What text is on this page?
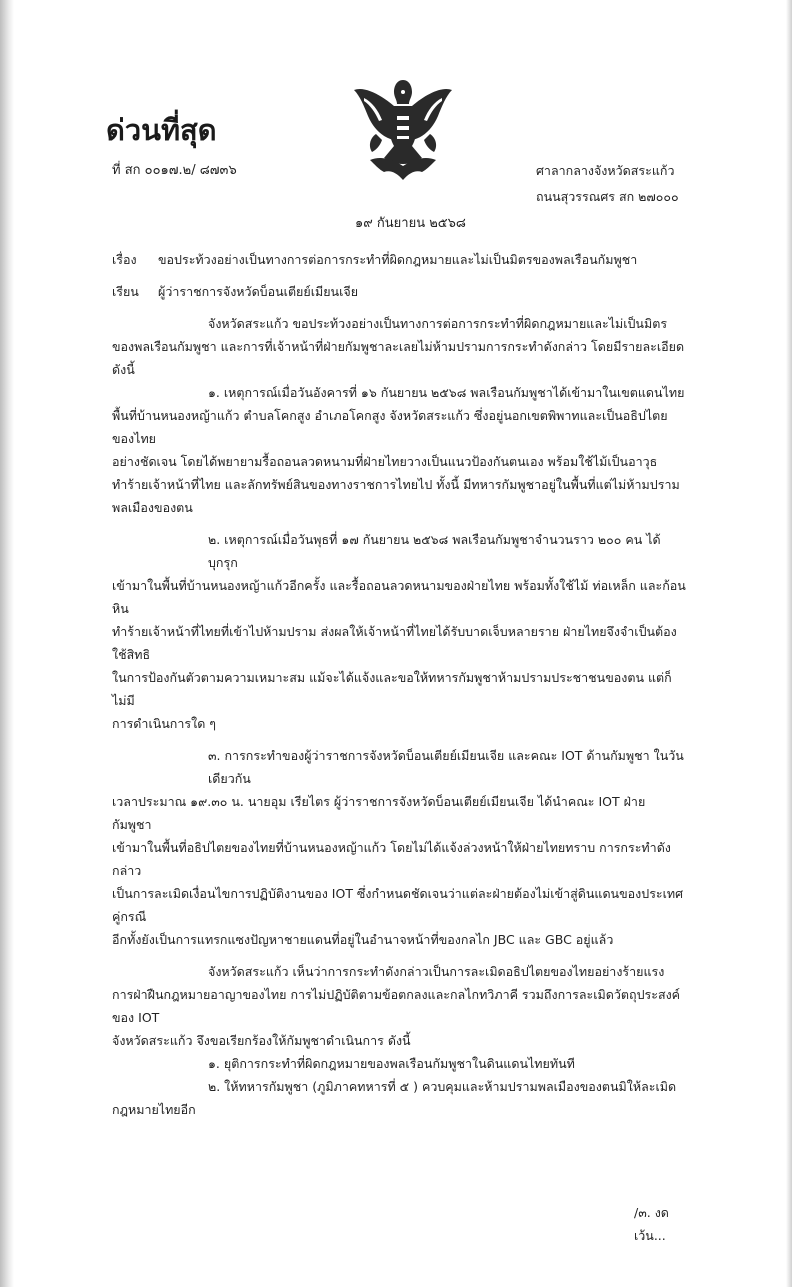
ด่วนที่สุด
ที่ สก ๐๐๑๗.๒/ ๘๗๓๖	ศาลากลางจังหวัดสระแก้ว
ถนนสุวรรณศร สก ๒๗๐๐๐
๑๙ กันยายน ๒๕๖๘
เรื่อง	ขอประท้วงอย่างเป็นทางการต่อการกระทำที่ผิดกฎหมายและไม่เป็นมิตรของพลเรือนกัมพูชา
เรียน	ผู้ว่าราชการจังหวัดบ็อนเตียย์เมียนเจีย
จังหวัดสระแก้ว ขอประท้วงอย่างเป็นทางการต่อการกระทำที่ผิดกฎหมายและไม่เป็นมิตร
ของพลเรือนกัมพูชา และการที่เจ้าหน้าที่ฝ่ายกัมพูชาละเลยไม่ห้ามปรามการกระทำดังกล่าว โดยมีรายละเอียด ดังนี้
๑. เหตุการณ์เมื่อวันอังคารที่ ๑๖ กันยายน ๒๕๖๘ พลเรือนกัมพูชาได้เข้ามาในเขตแดนไทย
พื้นที่บ้านหนองหญ้าแก้ว ตำบลโคกสูง อำเภอโคกสูง จังหวัดสระแก้ว ซึ่งอยู่นอกเขตพิพาทและเป็นอธิปไตยของไทย
อย่างชัดเจน โดยได้พยายามรื้อถอนลวดหนามที่ฝ่ายไทยวางเป็นแนวป้องกันตนเอง พร้อมใช้ไม้เป็นอาวุธ
ทำร้ายเจ้าหน้าที่ไทย และลักทรัพย์สินของทางราชการไทยไป ทั้งนี้ มีทหารกัมพูชาอยู่ในพื้นที่แต่ไม่ห้ามปราม
พลเมืองของตน
๒. เหตุการณ์เมื่อวันพุธที่ ๑๗ กันยายน ๒๕๖๘ พลเรือนกัมพูชาจำนวนราว ๒๐๐ คน ได้บุกรุก
เข้ามาในพื้นที่บ้านหนองหญ้าแก้วอีกครั้ง และรื้อถอนลวดหนามของฝ่ายไทย พร้อมทั้งใช้ไม้ ท่อเหล็ก และก้อนหิน
ทำร้ายเจ้าหน้าที่ไทยที่เข้าไปห้ามปราม ส่งผลให้เจ้าหน้าที่ไทยได้รับบาดเจ็บหลายราย ฝ่ายไทยจึงจำเป็นต้องใช้สิทธิ
ในการป้องกันตัวตามความเหมาะสม แม้จะได้แจ้งและขอให้ทหารกัมพูชาห้ามปรามประชาชนของตน แต่ก็ไม่มี
การดำเนินการใด ๆ
๓. การกระทำของผู้ว่าราชการจังหวัดบ็อนเตียย์เมียนเจีย และคณะ IOT ด้านกัมพูชา ในวันเดียวกัน
เวลาประมาณ ๑๙.๓๐ น. นายอุม เรียไตร ผู้ว่าราชการจังหวัดบ็อนเตียย์เมียนเจีย ได้นำคณะ IOT ฝ่าย กัมพูชา
เข้ามาในพื้นที่อธิปไตยของไทยที่บ้านหนองหญ้าแก้ว โดยไม่ได้แจ้งล่วงหน้าให้ฝ่ายไทยทราบ การกระทำดังกล่าว
เป็นการละเมิดเงื่อนไขการปฏิบัติงานของ IOT ซึ่งกำหนดชัดเจนว่าแต่ละฝ่ายต้องไม่เข้าสู่ดินแดนของประเทศคู่กรณี
อีกทั้งยังเป็นการแทรกแซงปัญหาชายแดนที่อยู่ในอำนาจหน้าที่ของกลไก JBC และ GBC อยู่แล้ว
จังหวัดสระแก้ว เห็นว่าการกระทำดังกล่าวเป็นการละเมิดอธิปไตยของไทยอย่างร้ายแรง
การฝ่าฝืนกฎหมายอาญาของไทย การไม่ปฏิบัติตามข้อตกลงและกลไกทวิภาคี รวมถึงการละเมิดวัตถุประสงค์ของ IOT
จังหวัดสระแก้ว จึงขอเรียกร้องให้กัมพูชาดำเนินการ ดังนี้
๑. ยุติการกระทำที่ผิดกฎหมายของพลเรือนกัมพูชาในดินแดนไทยทันที
๒. ให้ทหารกัมพูชา (ภูมิภาคทหารที่ ๕ ) ควบคุมและห้ามปรามพลเมืองของตนมิให้ละเมิด
กฎหมายไทยอีก
/๓. งดเว้น...
